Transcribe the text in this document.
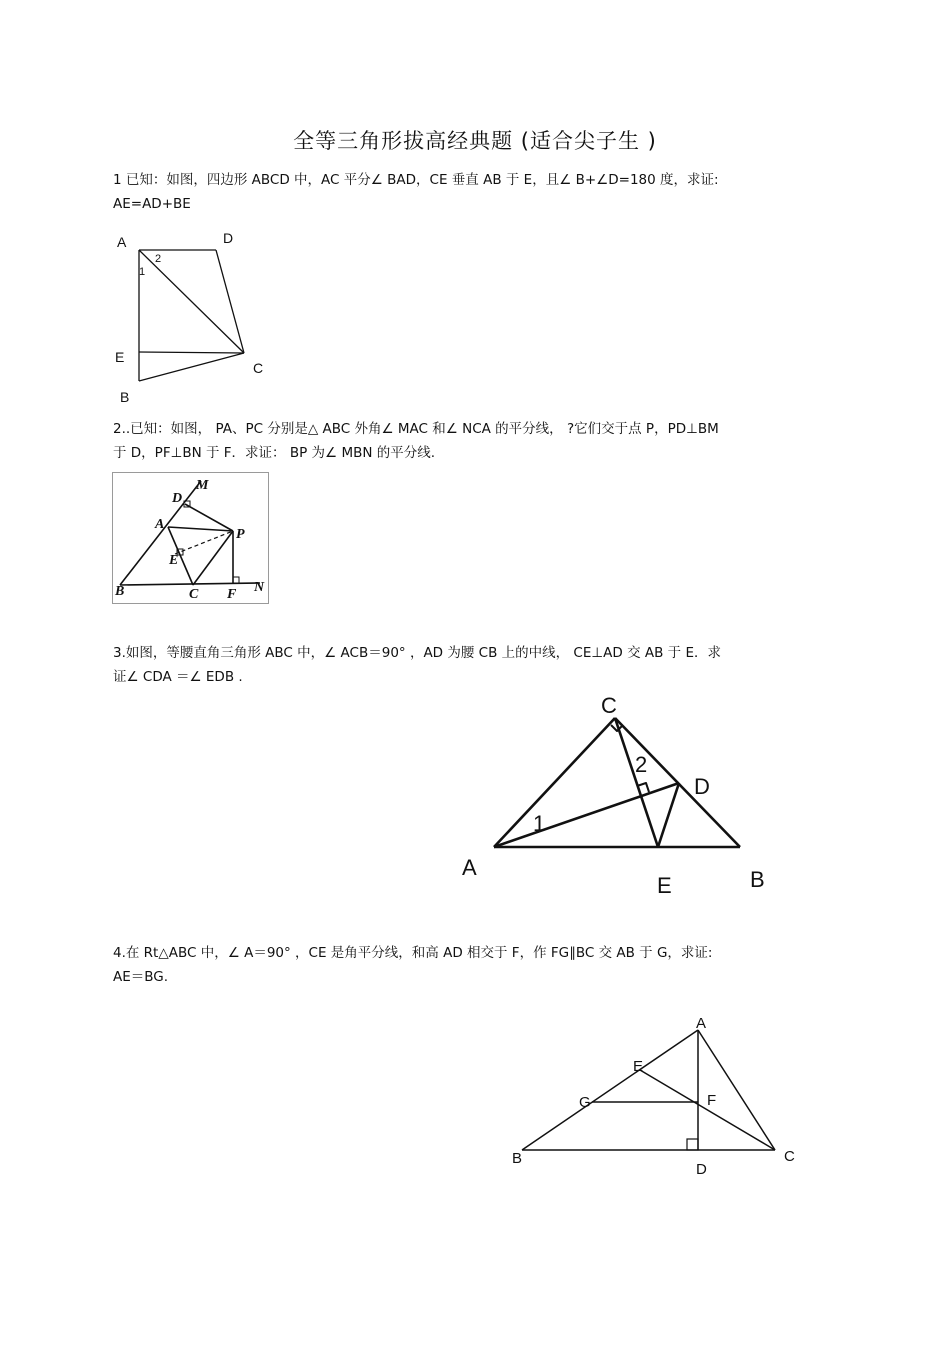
全等三角形拔高经典题 (适合尖子生 )
1 已知：如图，四边形 ABCD 中，AC 平分∠ BAD，CE 垂直 AB 于 E，且∠ B+∠D=180 度，求证:
AE=AD+BE
A	D
E
C
B
1
2
2..已知：如图， PA、PC 分别是△ ABC 外角∠ MAC 和∠ NCA 的平分线， ?它们交于点 P，PD⊥BM
于 D，PF⊥BN 于 F．求证： BP 为∠ MBN 的平分线.
D
M
A
P
E
B	C F N
3.如图，等腰直角三角形 ABC 中，∠ ACB＝90° ，AD 为腰 CB 上的中线， CE⊥AD 交 AB 于 E．求
证∠ CDA ＝∠ EDB .
C
D
A
E	B
1
2
4.在 Rt△ABC 中，∠ A＝90° ，CE 是角平分线，和高 AD 相交于 F，作 FG∥BC 交 AB 于 G，求证:
AE＝BG.
A
E
G	F
B
D
C
